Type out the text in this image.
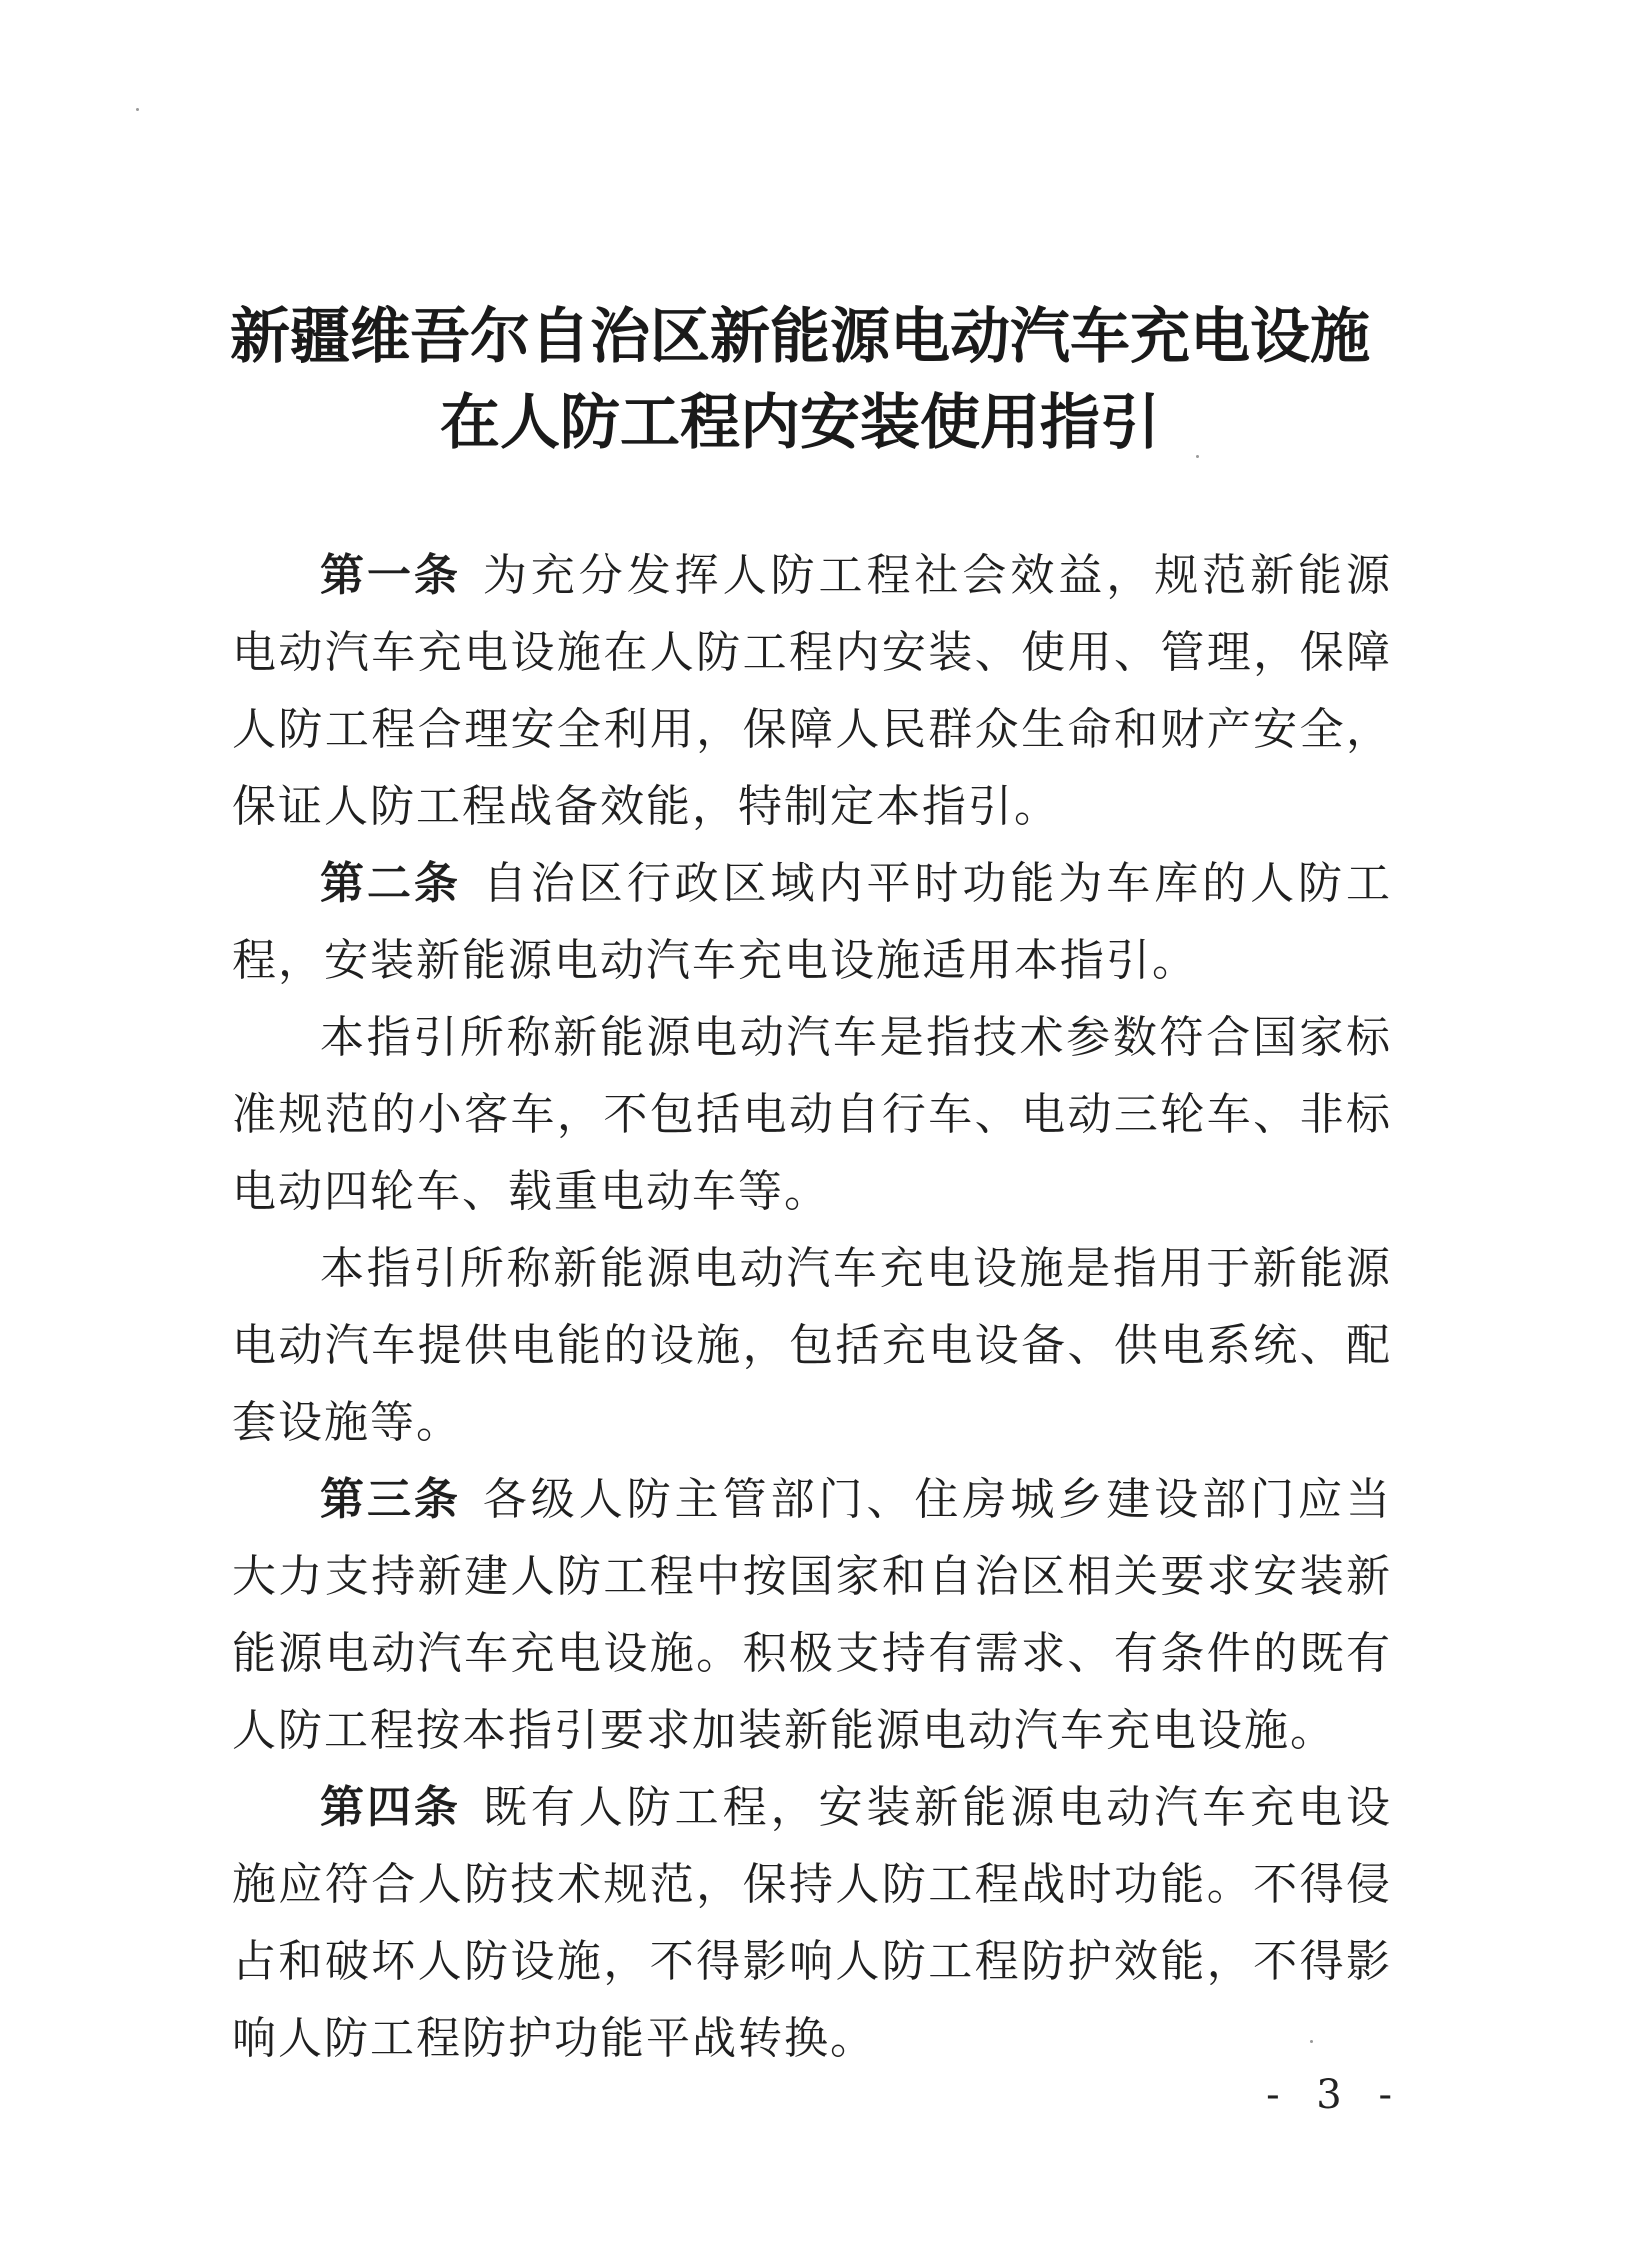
新疆维吾尔自治区新能源电动汽车充电设施
在人防工程内安装使用指引

第一条 为充分发挥人防工程社会效益，规范新能源电动汽车充电设施在人防工程内安装、使用、管理，保障人防工程合理安全利用，保障人民群众生命和财产安全，保证人防工程战备效能，特制定本指引。

第二条 自治区行政区域内平时功能为车库的人防工程，安装新能源电动汽车充电设施适用本指引。

本指引所称新能源电动汽车是指技术参数符合国家标准规范的小客车，不包括电动自行车、电动三轮车、非标电动四轮车、载重电动车等。

本指引所称新能源电动汽车充电设施是指用于新能源电动汽车提供电能的设施，包括充电设备、供电系统、配套设施等。

第三条 各级人防主管部门、住房城乡建设部门应当大力支持新建人防工程中按国家和自治区相关要求安装新能源电动汽车充电设施。积极支持有需求、有条件的既有人防工程按本指引要求加装新能源电动汽车充电设施。

第四条 既有人防工程，安装新能源电动汽车充电设施应符合人防技术规范，保持人防工程战时功能。不得侵占和破坏人防设施，不得影响人防工程防护效能，不得影响人防工程防护功能平战转换。

- 3 -
